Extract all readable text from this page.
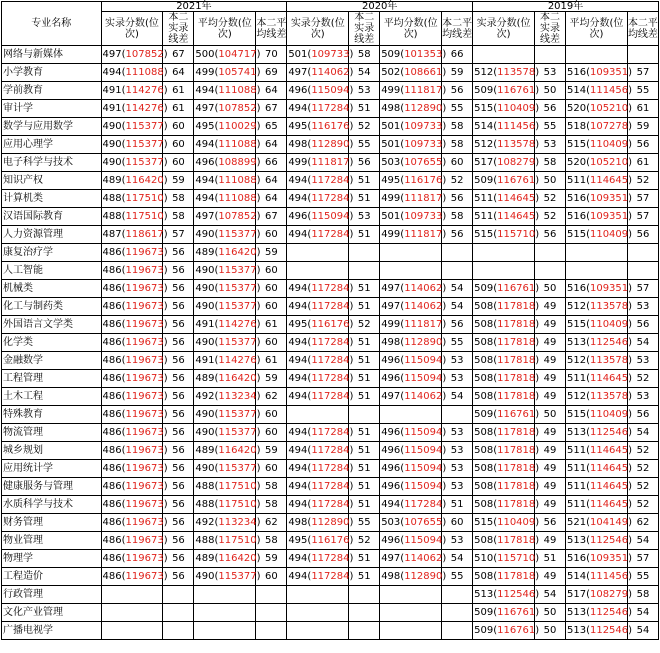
专业名称	2021年				2020年				2019年			
	实录分数(位次)	本二实录线差	平均分数(位次)	本二平均线差	实录分数(位次)	本二实录线差	平均分数(位次)	本二平均线差	实录分数(位次)	本二实录线差	平均分数(位次)	本二平均线差
网络与新媒体	497(107852)	67	500(104717)	70	501(109733)	58	509(101353)	66				
小学教育	494(111088)	64	499(105741)	69	497(114062)	54	502(108661)	59	512(113578)	53	516(109351)	57
学前教育	491(114276)	61	494(111088)	64	496(115094)	53	499(111817)	56	509(116761)	50	514(111456)	55
审计学	491(114276)	61	497(107852)	67	494(117284)	51	498(112890)	55	515(110409)	56	520(105210)	61
数学与应用数学	490(115377)	60	495(110029)	65	495(116176)	52	501(109733)	58	514(111456)	55	518(107278)	59
应用心理学	490(115377)	60	494(111088)	64	498(112890)	55	501(109733)	58	512(113578)	53	515(110409)	56
电子科学与技术	490(115377)	60	496(108899)	66	499(111817)	56	503(107655)	60	517(108279)	58	520(105210)	61
知识产权	489(116420)	59	494(111088)	64	494(117284)	51	495(116176)	52	509(116761)	50	511(114645)	52
计算机类	488(117510)	58	494(111088)	64	494(117284)	51	499(111817)	56	511(114645)	52	516(109351)	57
汉语国际教育	488(117510)	58	497(107852)	67	496(115094)	53	501(109733)	58	511(114645)	52	516(109351)	57
人力资源管理	487(118617)	57	490(115377)	60	494(117284)	51	499(111817)	56	515(115710)	56	515(110409)	56
康复治疗学	486(119673)	56	489(116420)	59								
人工智能	486(119673)	56	490(115377)	60								
机械类	486(119673)	56	490(115377)	60	494(117284)	51	497(114062)	54	509(116761)	50	516(109351)	57
化工与制药类	486(119673)	56	490(115377)	60	494(117284)	51	497(114062)	54	508(117818)	49	512(113578)	53
外国语言文学类	486(119673)	56	491(114276)	61	495(116176)	52	499(111817)	56	508(117818)	49	515(110409)	56
化学类	486(119673)	56	490(115377)	60	494(117284)	51	498(112890)	55	508(117818)	49	513(112546)	54
金融数学	486(119673)	56	491(114276)	61	494(117284)	51	496(115094)	53	508(117818)	49	512(113578)	53
工程管理	486(119673)	56	489(116420)	59	494(117284)	51	496(115094)	53	508(117818)	49	511(114645)	52
土木工程	486(119673)	56	492(113234)	62	494(117284)	51	497(114062)	54	508(117818)	49	512(113578)	53
特殊教育	486(119673)	56	490(115377)	60					509(116761)	50	515(110409)	56
物流管理	486(119673)	56	490(115377)	60	494(117284)	51	496(115094)	53	508(117818)	49	513(112546)	54
城乡规划	486(119673)	56	489(116420)	59	494(117284)	51	496(115094)	53	508(117818)	49	511(114645)	52
应用统计学	486(119673)	56	490(115377)	60	494(117284)	51	496(115094)	53	508(117818)	49	511(114645)	52
健康服务与管理	486(119673)	56	488(117510)	58	494(117284)	51	496(115094)	53	508(117818)	49	511(114645)	52
水质科学与技术	486(119673)	56	488(117510)	58	494(117284)	51	494(117284)	51	508(117818)	49	511(114645)	52
财务管理	486(119673)	56	492(113234)	62	498(112890)	55	503(107655)	60	515(110409)	56	521(104149)	62
物业管理	486(119673)	56	488(117510)	58	495(116176)	52	496(115094)	53	508(117818)	49	513(112546)	54
物理学	486(119673)	56	489(116420)	59	494(117284)	51	497(114062)	54	510(115710)	51	516(109351)	57
工程造价	486(119673)	56	490(115377)	60	494(117284)	51	498(112890)	55	508(117818)	49	514(111456)	55
行政管理									513(112546)	54	517(108279)	58
文化产业管理									509(116761)	50	513(112546)	54
广播电视学									509(116761)	50	513(112546)	54
